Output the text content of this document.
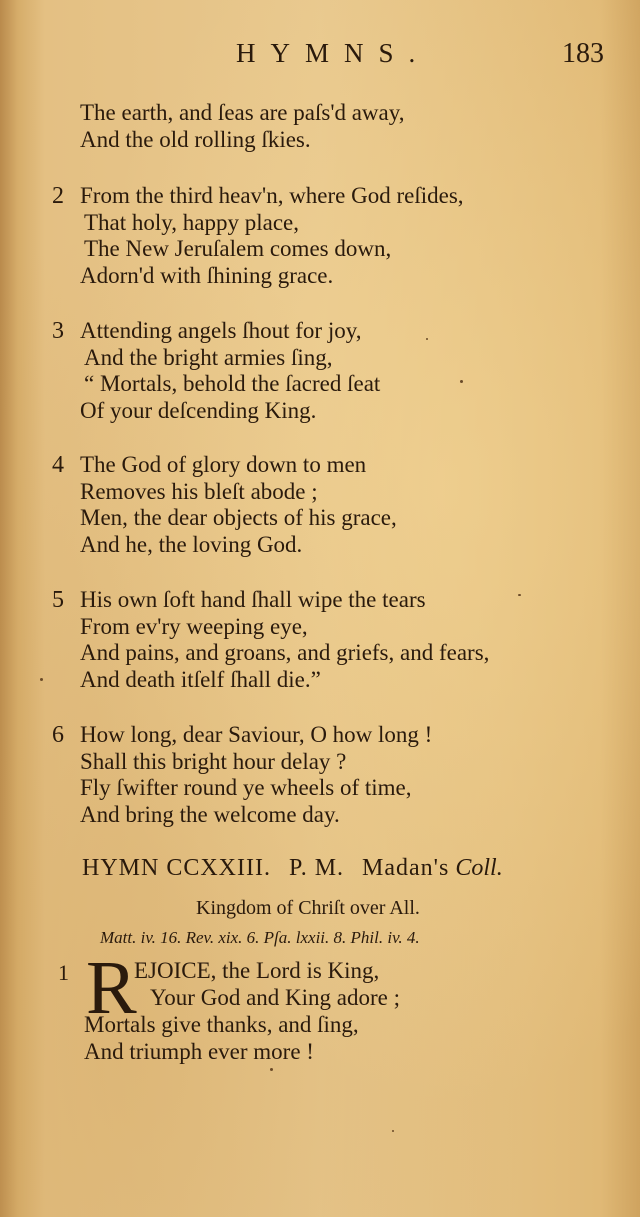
HYMNS.	183
The earth, and ſeas are paſs'd away,
And the old rolling ſkies.
2 From the third heav'n, where God reſides,
That holy, happy place,
The New Jeruſalem comes down,
Adorn'd with ſhining grace.
3 Attending angels ſhout for joy,
And the bright armies ſing,
“ Mortals, behold the ſacred ſeat
Of your deſcending King.
4 The God of glory down to men
Removes his bleſt abode ;
Men, the dear objects of his grace,
And he, the loving God.
5 His own ſoft hand ſhall wipe the tears
From ev'ry weeping eye,
And pains, and groans, and griefs, and fears,
And death itſelf ſhall die.”
6 How long, dear Saviour, O how long !
Shall this bright hour delay ?
Fly ſwifter round ye wheels of time,
And bring the welcome day.
HYMN CCXXIII. P. M. Madan's Coll.
Kingdom of Chriſt over All.
Matt. iv. 16. Rev. xix. 6. Pſa. lxxii. 8. Phil. iv. 4.
1 R
EJOICE, the Lord is King,
Your God and King adore ;
Mortals give thanks, and ſing,
And triumph ever more !
